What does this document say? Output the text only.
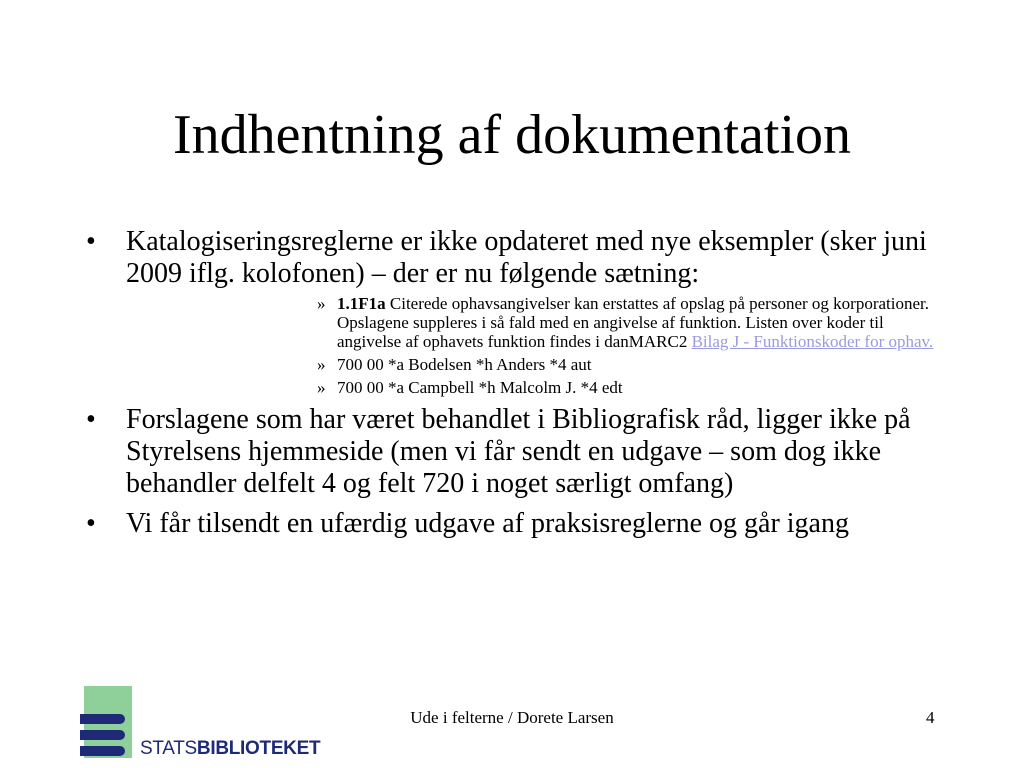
Indhentning af dokumentation
• Katalogiseringsreglerne er ikke opdateret med nye eksempler (sker juni 2009 iflg. kolofonen) – der er nu følgende sætning:
» 1.1F1a Citerede ophavsangivelser kan erstattes af opslag på personer og korporationer. Opslagene suppleres i så fald med en angivelse af funktion. Listen over koder til angivelse af ophavets funktion findes i danMARC2 Bilag J - Funktionskoder for ophav.
» 700 00 *a Bodelsen *h Anders *4 aut
» 700 00 *a Campbell *h Malcolm J. *4 edt
• Forslagene som har været behandlet i Bibliografisk råd, ligger ikke på Styrelsens hjemmeside (men vi får sendt en udgave – som dog ikke behandler delfelt 4 og felt 720 i noget særligt omfang)
• Vi får tilsendt en ufærdig udgave af praksisreglerne og går igang
STATSBIBLIOTEKET
Ude i felterne / Dorete Larsen	4
